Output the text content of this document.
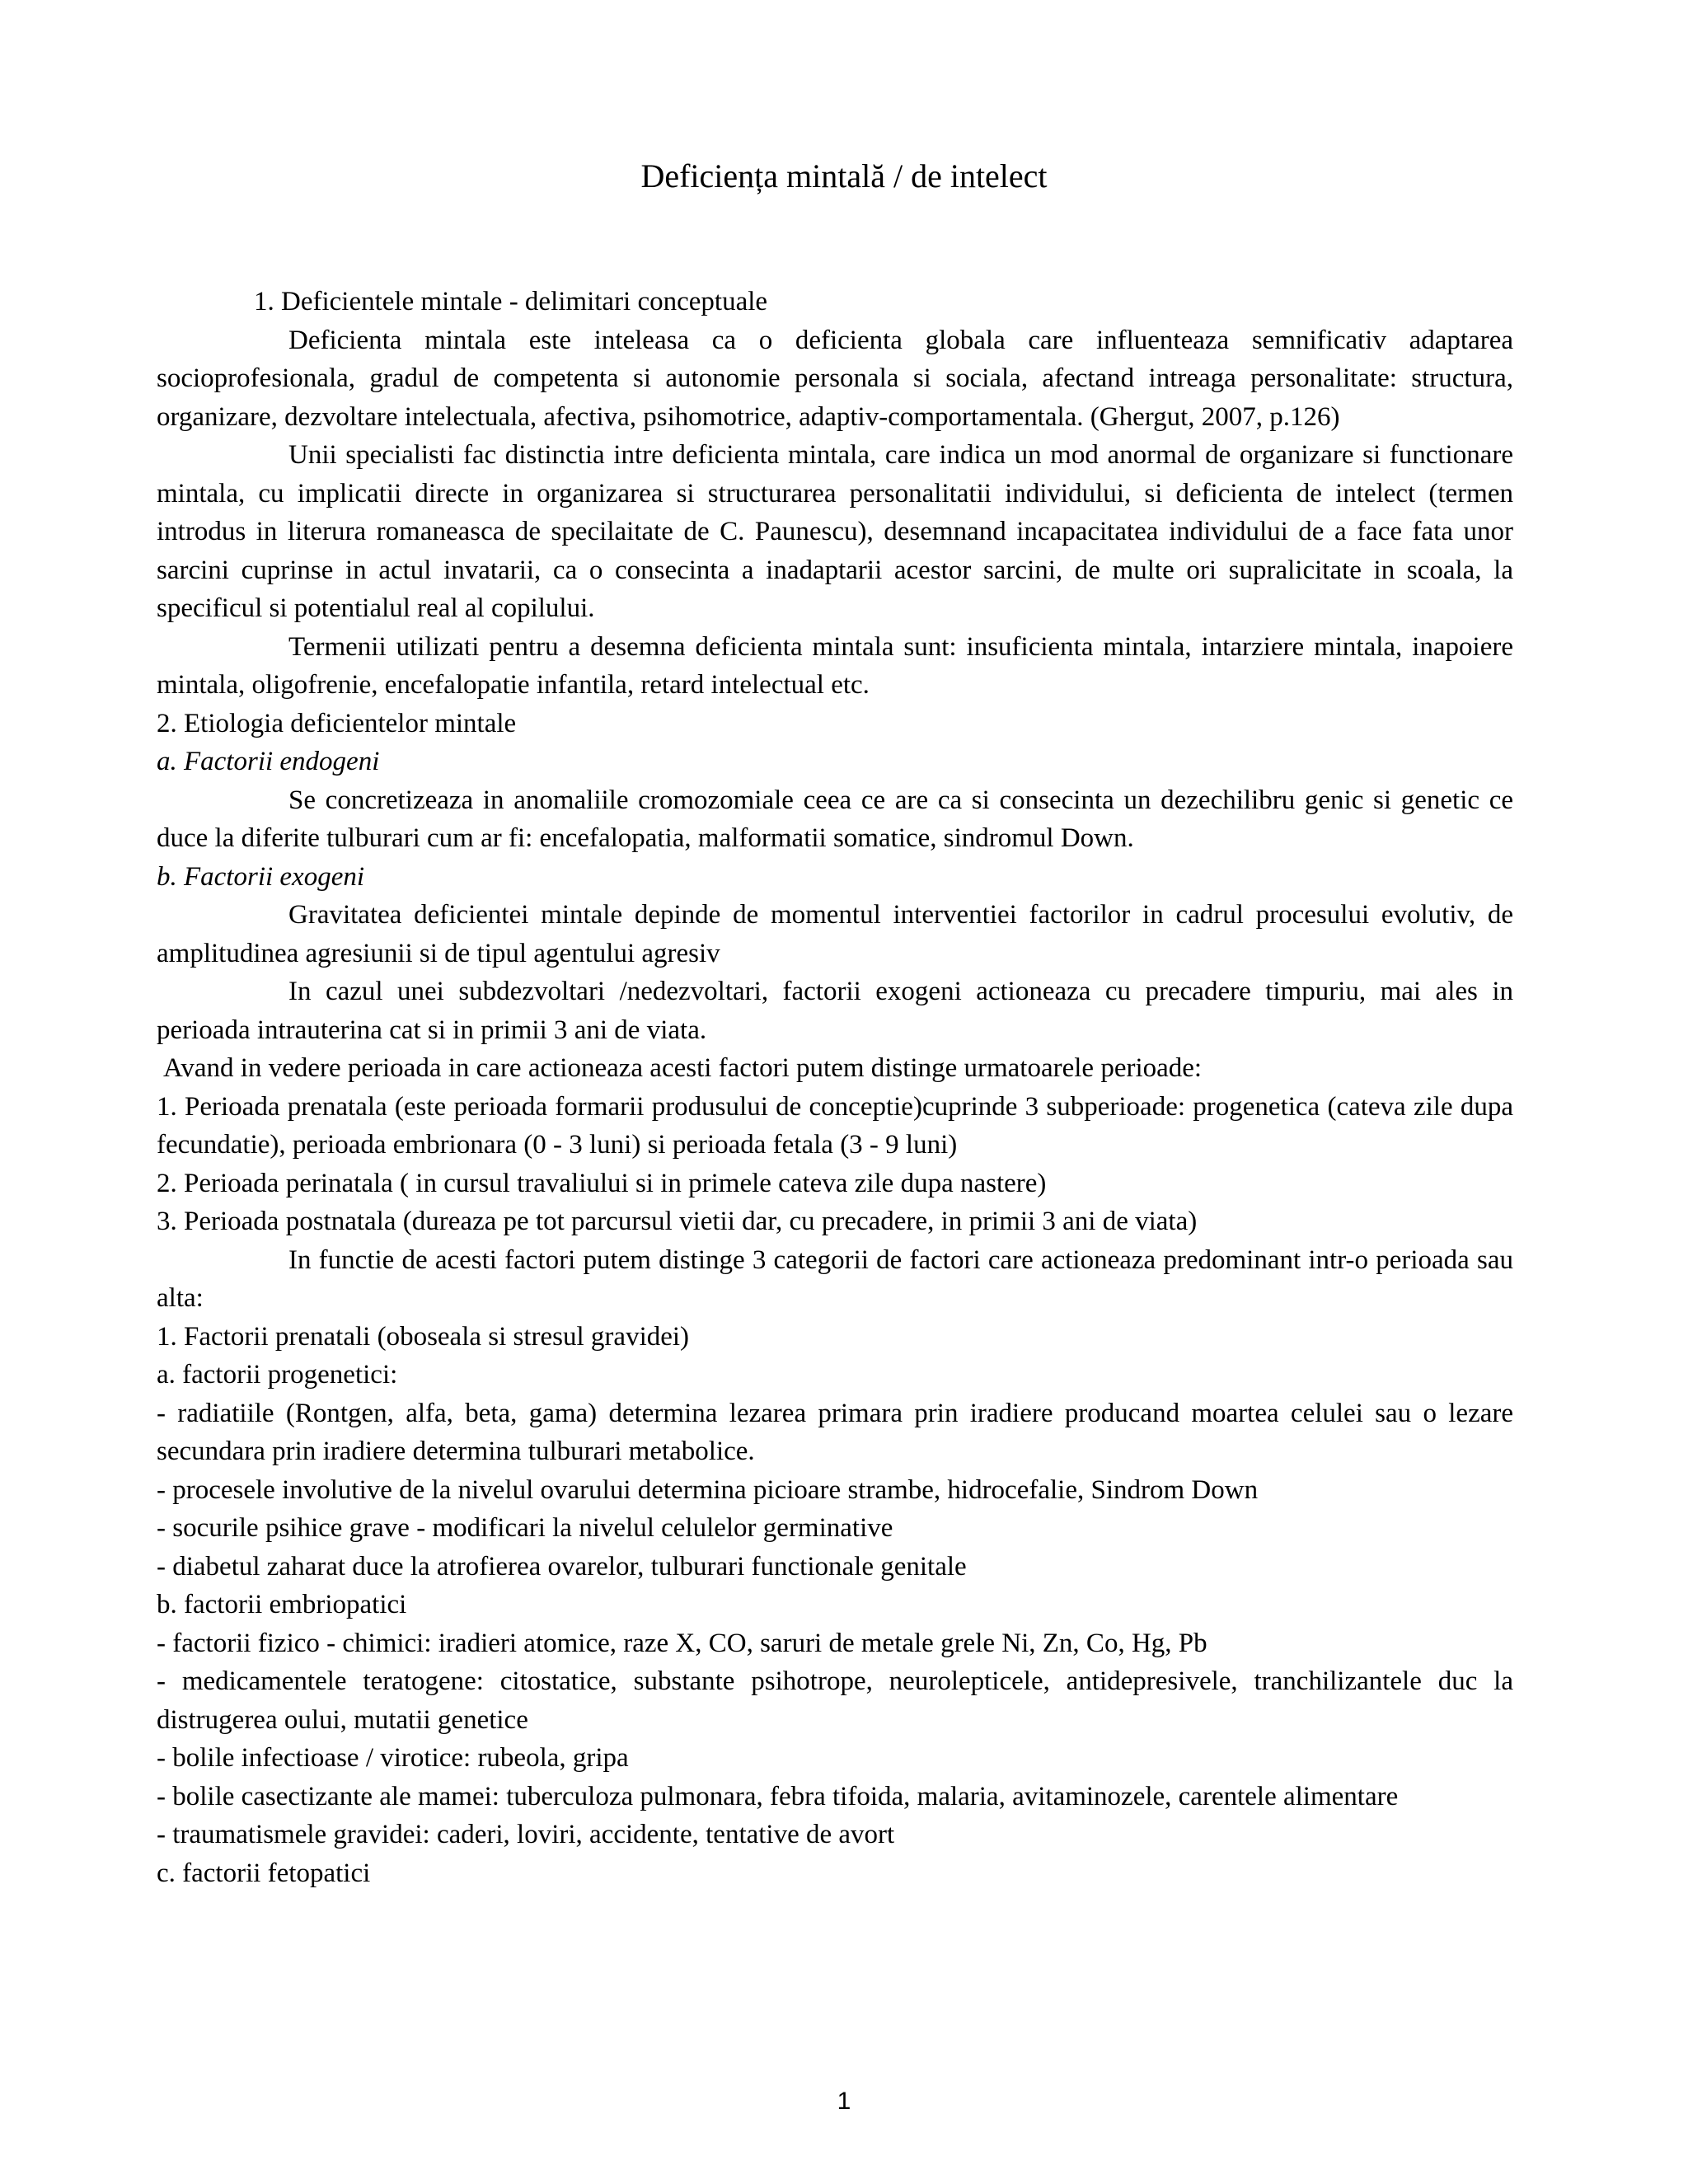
Deficiența mintală / de intelect

1. Deficientele mintale - delimitari conceptuale

Deficienta mintala este inteleasa ca o deficienta globala care influenteaza semnificativ adaptarea socioprofesionala, gradul de competenta si autonomie personala si sociala, afectand intreaga personalitate: structura, organizare, dezvoltare intelectuala, afectiva, psihomotrice, adaptiv-comportamentala. (Ghergut, 2007, p.126)

Unii specialisti fac distinctia intre deficienta mintala, care indica un mod anormal de organizare si functionare mintala, cu implicatii directe in organizarea si structurarea personalitatii individului, si deficienta de intelect (termen introdus in literura romaneasca de specilaitate de C. Paunescu), desemnand incapacitatea individului de a face fata unor sarcini cuprinse in actul invatarii, ca o consecinta a inadaptarii acestor sarcini, de multe ori supralicitate in scoala, la specificul si potentialul real al copilului.

Termenii utilizati pentru a desemna deficienta mintala sunt: insuficienta mintala, intarziere mintala, inapoiere mintala, oligofrenie, encefalopatie infantila, retard intelectual etc.

2. Etiologia deficientelor mintale

a. Factorii endogeni

Se concretizeaza in anomaliile cromozomiale ceea ce are ca si consecinta un dezechilibru genic si genetic ce duce la diferite tulburari cum ar fi: encefalopatia, malformatii somatice, sindromul Down.

b. Factorii exogeni

Gravitatea deficientei mintale depinde de momentul interventiei factorilor in cadrul procesului evolutiv, de amplitudinea agresiunii si de tipul agentului agresiv

In cazul unei subdezvoltari /nedezvoltari, factorii exogeni actioneaza cu precadere timpuriu, mai ales in perioada intrauterina cat si in primii 3 ani de viata.

Avand in vedere perioada in care actioneaza acesti factori putem distinge urmatoarele perioade:

1. Perioada prenatala (este perioada formarii produsului de conceptie)cuprinde 3 subperioade: progenetica (cateva zile dupa fecundatie), perioada embrionara (0 - 3 luni) si perioada fetala (3 - 9 luni)

2. Perioada perinatala ( in cursul travaliului si in primele cateva zile dupa nastere)

3. Perioada postnatala (dureaza pe tot parcursul vietii dar, cu precadere, in primii 3 ani de viata)

In functie de acesti factori putem distinge 3 categorii de factori care actioneaza predominant intr-o perioada sau alta:

1. Factorii prenatali (oboseala si stresul gravidei)

a. factorii progenetici:

- radiatiile (Rontgen, alfa, beta, gama) determina lezarea primara prin iradiere producand moartea celulei sau o lezare secundara prin iradiere determina tulburari metabolice.

- procesele involutive de la nivelul ovarului determina picioare strambe, hidrocefalie, Sindrom Down

- socurile psihice grave - modificari la nivelul celulelor germinative

- diabetul zaharat duce la atrofierea ovarelor, tulburari functionale genitale

b. factorii embriopatici

- factorii fizico - chimici: iradieri atomice, raze X, CO, saruri de metale grele Ni, Zn, Co, Hg, Pb

- medicamentele teratogene: citostatice, substante psihotrope, neurolepticele, antidepresivele, tranchilizantele duc la distrugerea oului, mutatii genetice

- bolile infectioase / virotice: rubeola, gripa

- bolile casectizante ale mamei: tuberculoza pulmonara, febra tifoida, malaria, avitaminozele, carentele alimentare

- traumatismele gravidei: caderi, loviri, accidente, tentative de avort

c. factorii fetopatici

1
